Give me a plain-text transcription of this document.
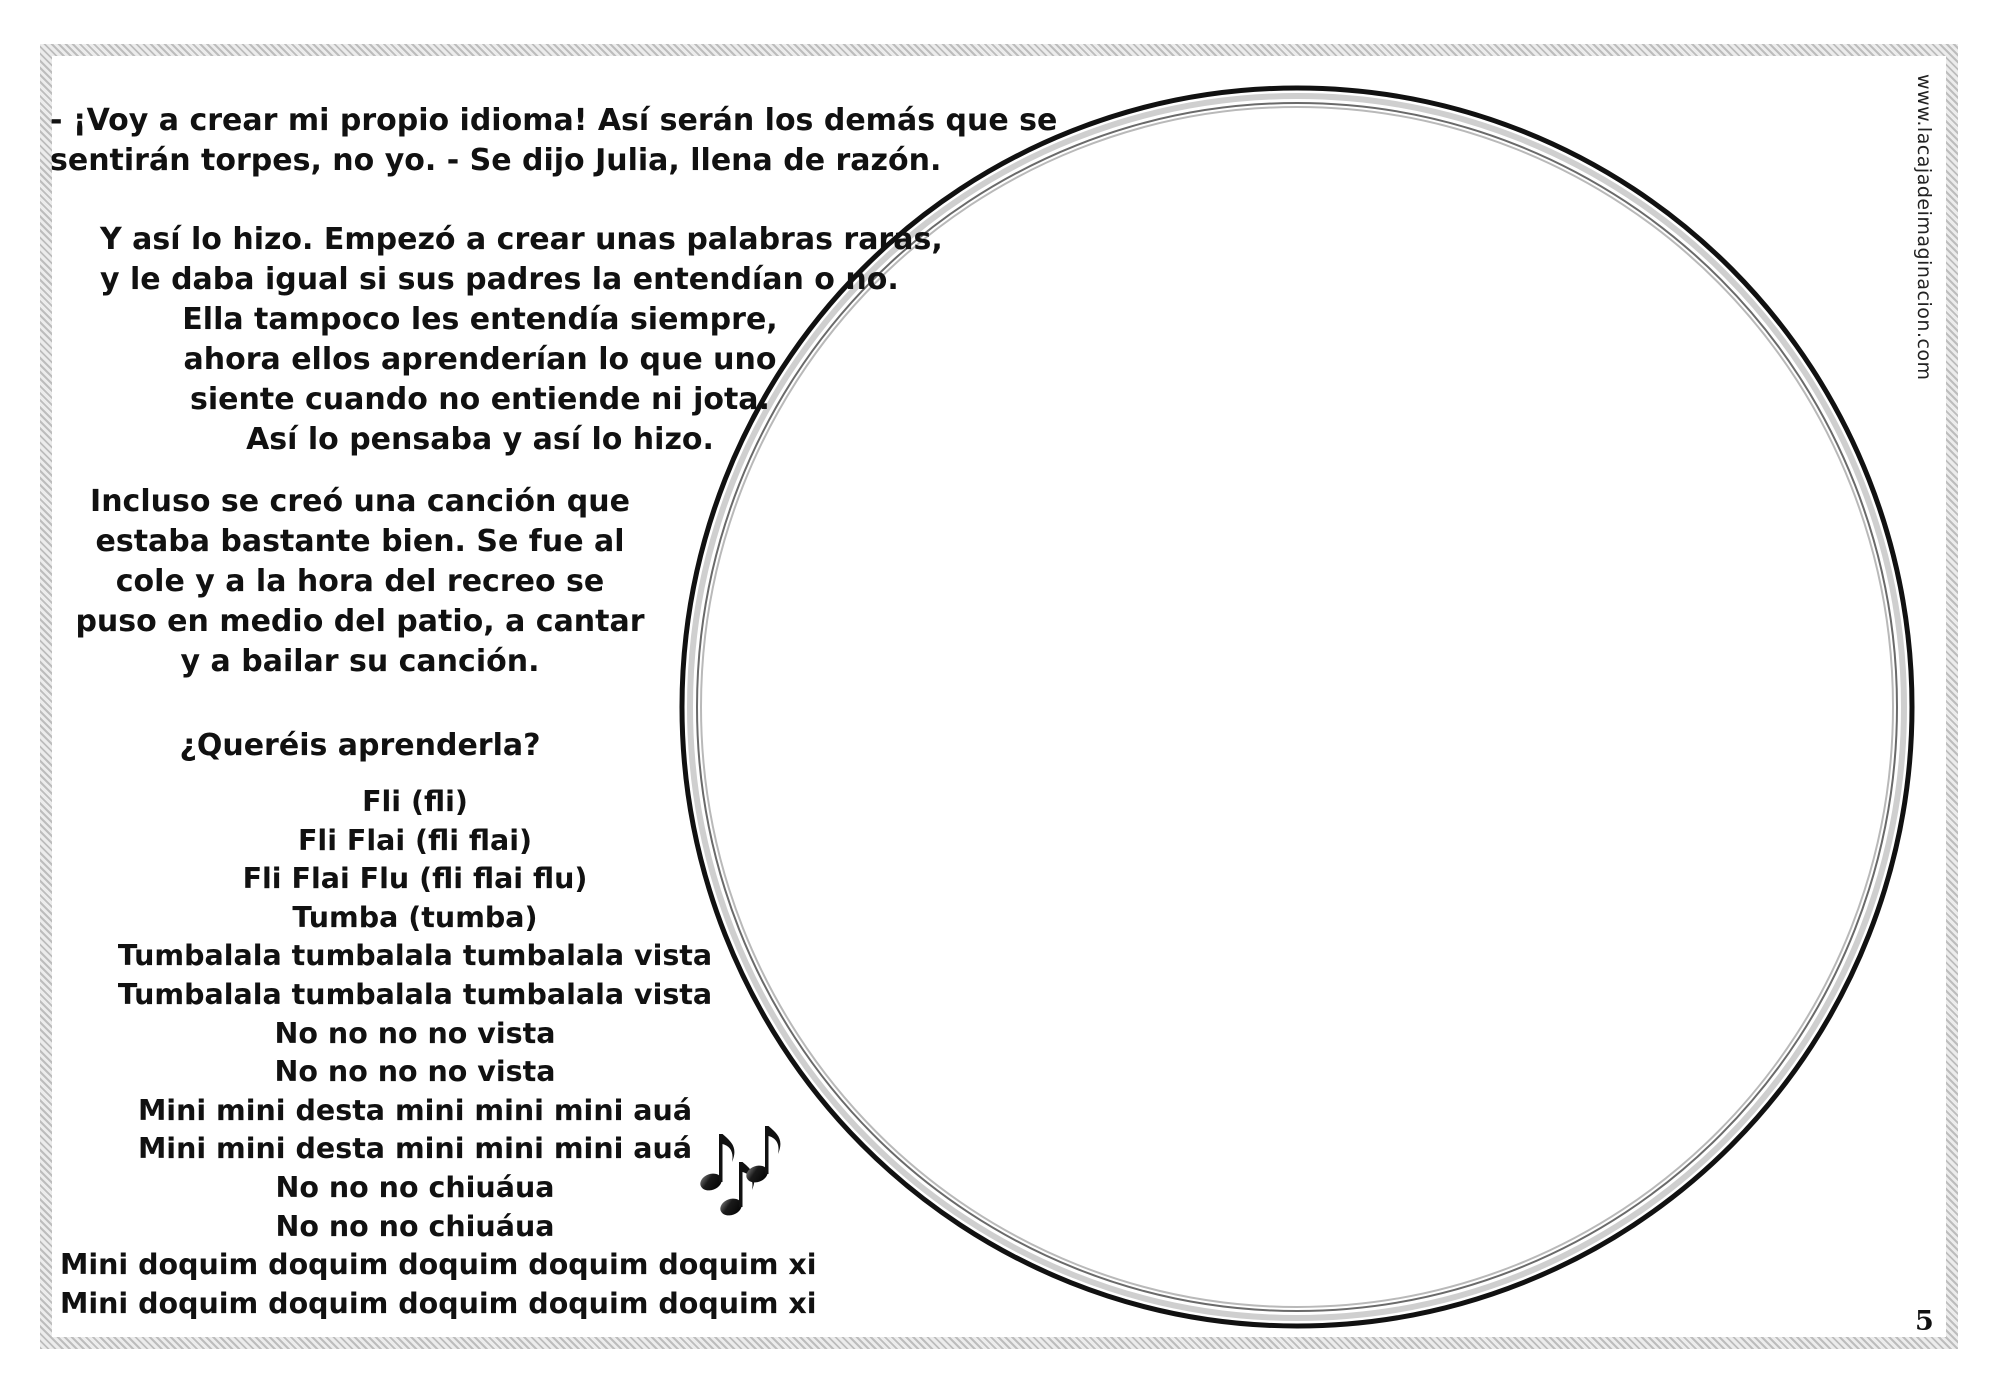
- ¡Voy a crear mi propio idioma! Así serán los demás que se
sentirán torpes, no yo. - Se dijo Julia, llena de razón.
Y así lo hizo. Empezó a crear unas palabras raras,
y le daba igual si sus padres la entendían o no.
Ella tampoco les entendía siempre,
ahora ellos aprenderían lo que uno
siente cuando no entiende ni jota.
Así lo pensaba y así lo hizo.
Incluso se creó una canción que
estaba bastante bien. Se fue al
cole y a la hora del recreo se
puso en medio del patio, a cantar
y a bailar su canción.
¿Queréis aprenderla?
Fli (fli)
Fli Flai (fli flai)
Fli Flai Flu (fli flai flu)
Tumba (tumba)
Tumbalala tumbalala tumbalala vista
Tumbalala tumbalala tumbalala vista
No no no no vista
No no no no vista
Mini mini desta mini mini mini auá
Mini mini desta mini mini mini auá
No no no chiuáua
No no no chiuáua
Mini doquim doquim doquim doquim doquim xi
Mini doquim doquim doquim doquim doquim xi
www.lacajadeimaginacion.com
5
